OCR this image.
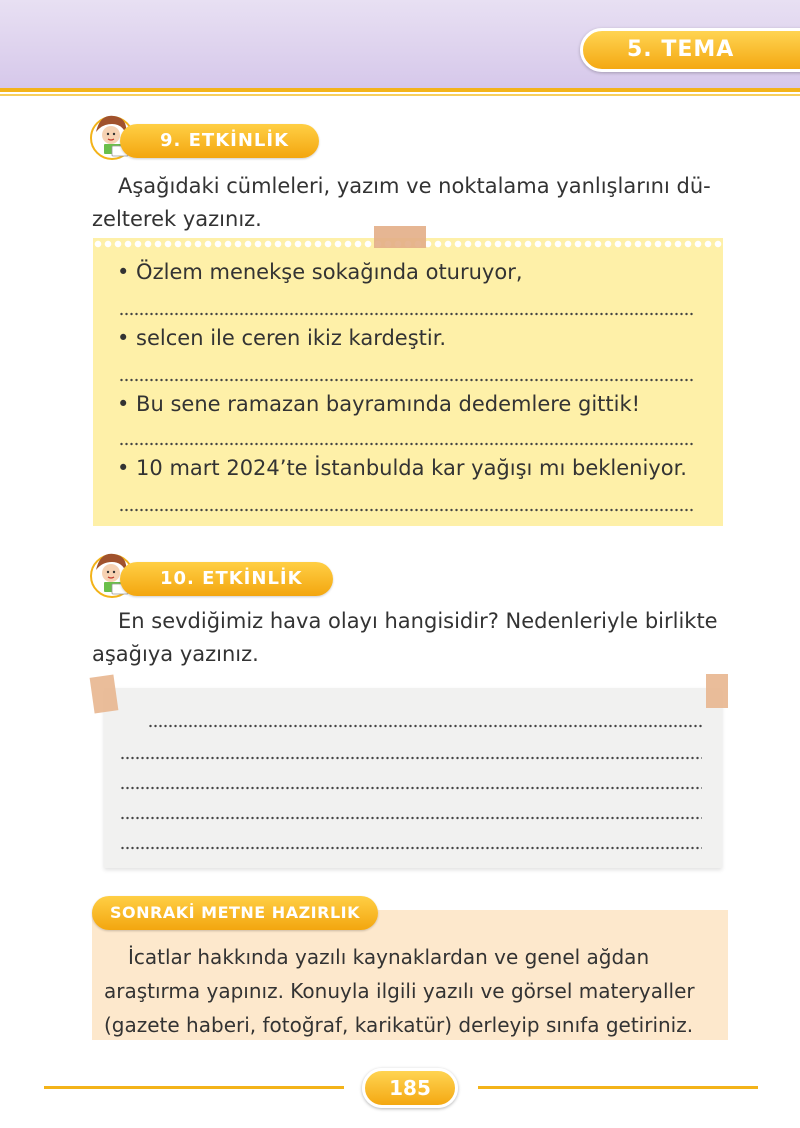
5. TEMA
9. ETKİNLİK
Aşağıdaki cümleleri, yazım ve noktalama yanlışlarını dü-
zelterek yazınız.
• Özlem menekşe sokağında oturuyor,
• selcen ile ceren ikiz kardeştir.
• Bu sene ramazan bayramında dedemlere gittik!
• 10 mart 2024’te İstanbulda kar yağışı mı bekleniyor.
10. ETKİNLİK
En sevdiğimiz hava olayı hangisidir? Nedenleriyle birlikte
aşağıya yazınız.
SONRAKİ METNE HAZIRLIK
İcatlar hakkında yazılı kaynaklardan ve genel ağdan
araştırma yapınız. Konuyla ilgili yazılı ve görsel materyaller
(gazete haberi, fotoğraf, karikatür) derleyip sınıfa getiriniz.
185
